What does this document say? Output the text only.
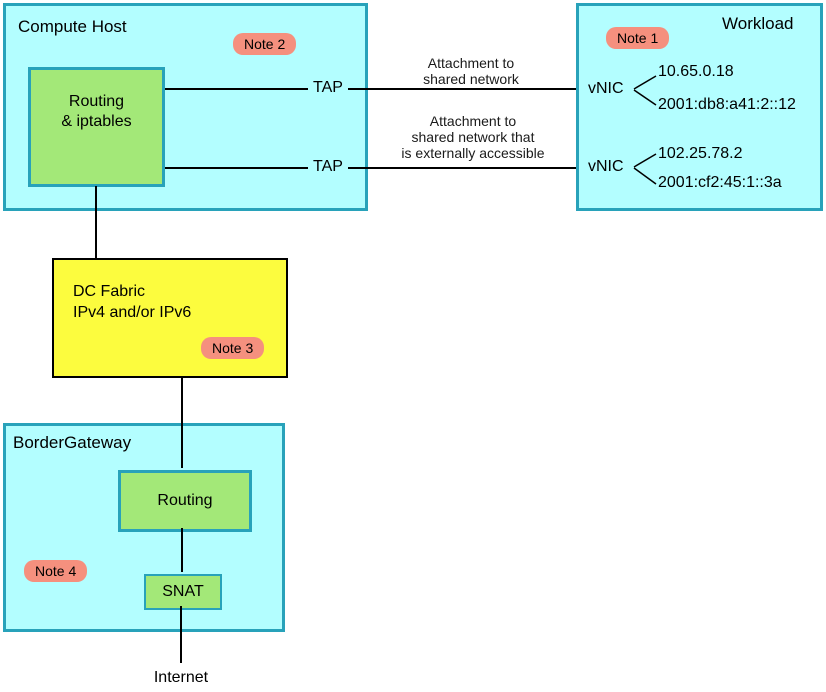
Compute Host
Note 2
Routing
& iptables
TAP
TAP
Workload
Note 1
vNIC
10.65.0.18
2001:db8:a41:2::12
vNIC
102.25.78.2
2001:cf2:45:1::3a
Attachment to
shared network
Attachment to
shared network that
is externally accessible
DC Fabric
IPv4 and/or IPv6
Note 3
Routing
SNAT
BorderGateway
Note 4
Internet
